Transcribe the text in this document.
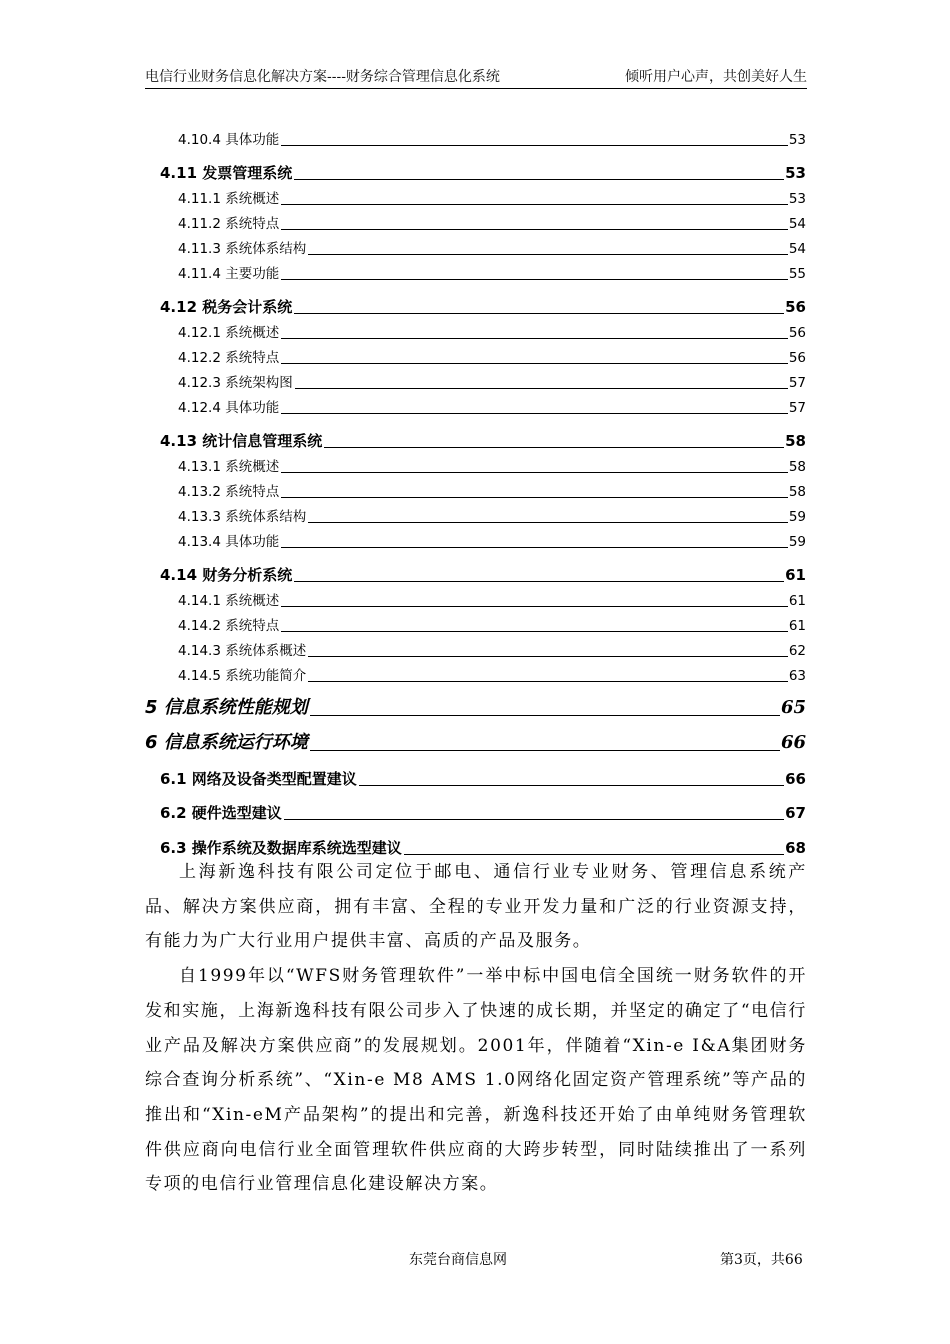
电信行业财务信息化解决方案----财务综合管理信息化系统	倾听用户心声，共创美好人生
4.10.4 具体功能	53
4.11 发票管理系统	53
4.11.1 系统概述	53
4.11.2 系统特点	54
4.11.3 系统体系结构	54
4.11.4 主要功能	55
4.12 税务会计系统	56
4.12.1 系统概述	56
4.12.2 系统特点	56
4.12.3 系统架构图	57
4.12.4 具体功能	57
4.13 统计信息管理系统	58
4.13.1 系统概述	58
4.13.2 系统特点	58
4.13.3 系统体系结构	59
4.13.4 具体功能	59
4.14 财务分析系统	61
4.14.1 系统概述	61
4.14.2 系统特点	61
4.14.3 系统体系概述	62
4.14.5 系统功能简介	63
5 信息系统性能规划	65
6 信息系统运行环境	66
6.1 网络及设备类型配置建议	66
6.2 硬件选型建议	67
6.3 操作系统及数据库系统选型建议	68

上海新逸科技有限公司定位于邮电、通信行业专业财务、管理信息系统产品、解决方案供应商，拥有丰富、全程的专业开发力量和广泛的行业资源支持，有能力为广大行业用户提供丰富、高质的产品及服务。

自1999年以“WFS财务管理软件”一举中标中国电信全国统一财务软件的开发和实施，上海新逸科技有限公司步入了快速的成长期，并坚定的确定了“电信行业产品及解决方案供应商”的发展规划。2001年，伴随着“Xin-e I&A集团财务综合查询分析系统”、“Xin-e M8 AMS 1.0网络化固定资产管理系统”等产品的推出和“Xin-eM产品架构”的提出和完善，新逸科技还开始了由单纯财务管理软件供应商向电信行业全面管理软件供应商的大跨步转型，同时陆续推出了一系列专项的电信行业管理信息化建设解决方案。

东莞台商信息网	第3页，共66
